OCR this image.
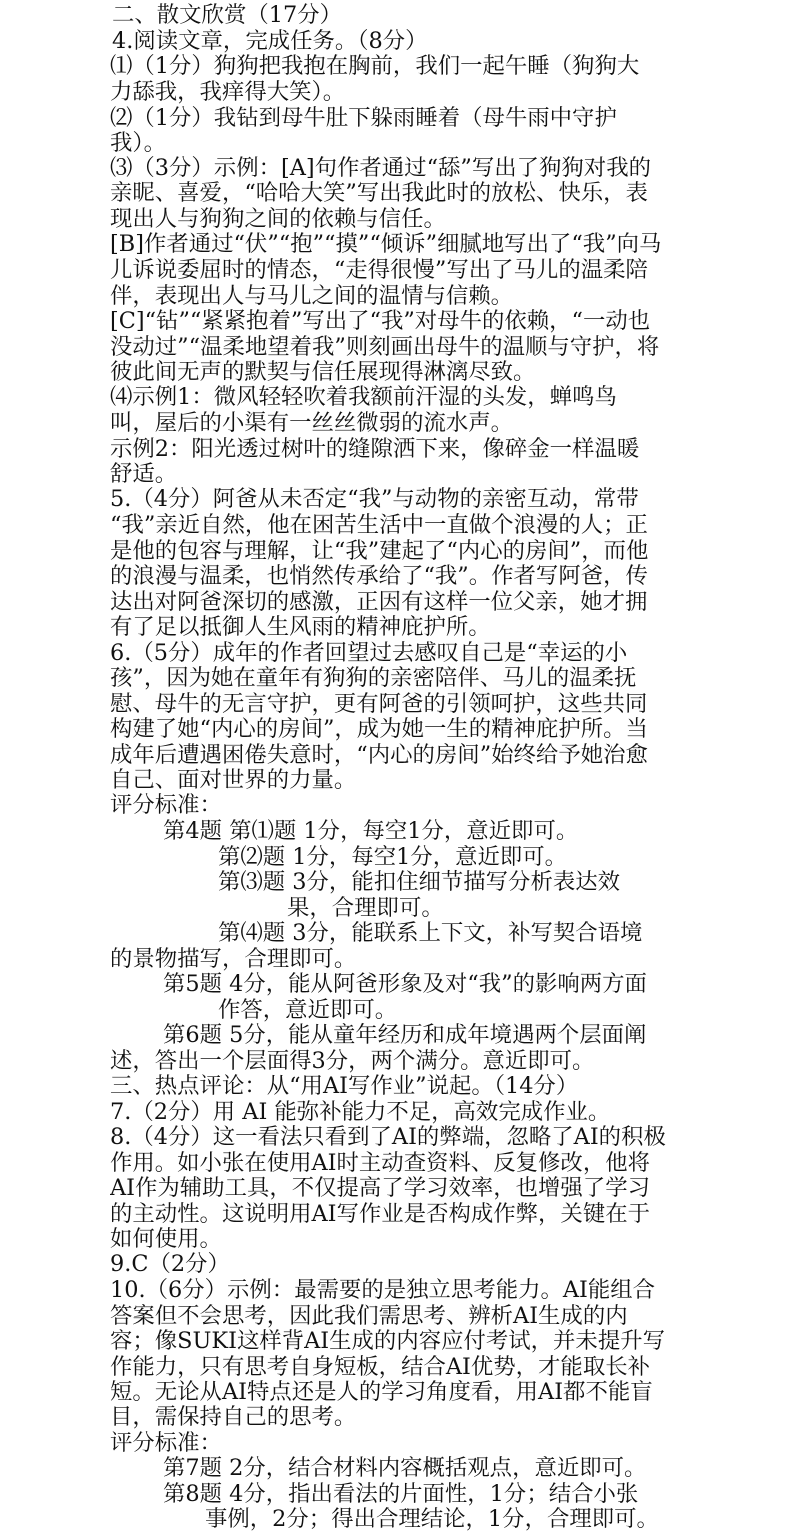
二、散文欣赏（17分）
4.阅读文章，完成任务。（8分）
⑴（1分）狗狗把我抱在胸前，我们一起午睡（狗狗大
力舔我，我痒得大笑）。
⑵（1分）我钻到母牛肚下躲雨睡着（母牛雨中守护
我）。
⑶（3分）示例：[A]句作者通过“舔”写出了狗狗对我的
亲昵、喜爱，“哈哈大笑”写出我此时的放松、快乐，表
现出人与狗狗之间的依赖与信任。
[B]作者通过“伏”“抱”“摸”“倾诉”细腻地写出了“我”向马
儿诉说委屈时的情态，“走得很慢”写出了马儿的温柔陪
伴，表现出人与马儿之间的温情与信赖。
[C]“钻”“紧紧抱着”写出了“我”对母牛的依赖，“一动也
没动过”“温柔地望着我”则刻画出母牛的温顺与守护，将
彼此间无声的默契与信任展现得淋漓尽致。
⑷示例1：微风轻轻吹着我额前汗湿的头发，蝉鸣鸟
叫，屋后的小渠有一丝丝微弱的流水声。
示例2：阳光透过树叶的缝隙洒下来，像碎金一样温暖
舒适。
5.（4分）阿爸从未否定“我”与动物的亲密互动，常带
“我”亲近自然，他在困苦生活中一直做个浪漫的人；正
是他的包容与理解，让“我”建起了“内心的房间”，而他
的浪漫与温柔，也悄然传承给了“我”。作者写阿爸，传
达出对阿爸深切的感激，正因有这样一位父亲，她才拥
有了足以抵御人生风雨的精神庇护所。
6.（5分）成年的作者回望过去感叹自己是“幸运的小
孩”，因为她在童年有狗狗的亲密陪伴、马儿的温柔抚
慰、母牛的无言守护，更有阿爸的引领呵护，这些共同
构建了她“内心的房间”，成为她一生的精神庇护所。当
成年后遭遇困倦失意时，“内心的房间”始终给予她治愈
自己、面对世界的力量。
评分标准：
第4题 第⑴题 1分，每空1分，意近即可。
第⑵题 1分，每空1分，意近即可。
第⑶题 3分，能扣住细节描写分析表达效
果，合理即可。
第⑷题 3分，能联系上下文，补写契合语境
的景物描写，合理即可。
第5题 4分，能从阿爸形象及对“我”的影响两方面
作答，意近即可。
第6题 5分，能从童年经历和成年境遇两个层面阐
述，答出一个层面得3分，两个满分。意近即可。
三、热点评论：从“用AI写作业”说起。（14分）
7.（2分）用 AI 能弥补能力不足，高效完成作业。
8.（4分）这一看法只看到了AI的弊端，忽略了AI的积极
作用。如小张在使用AI时主动查资料、反复修改，他将
AI作为辅助工具，不仅提高了学习效率，也增强了学习
的主动性。这说明用AI写作业是否构成作弊，关键在于
如何使用。
9.C（2分）
10.（6分）示例：最需要的是独立思考能力。AI能组合
答案但不会思考，因此我们需思考、辨析AI生成的内
容；像SUKI这样背AI生成的内容应付考试，并未提升写
作能力，只有思考自身短板，结合AI优势，才能取长补
短。无论从AI特点还是人的学习角度看，用AI都不能盲
目，需保持自己的思考。
评分标准：
第7题 2分，结合材料内容概括观点，意近即可。
第8题 4分，指出看法的片面性，1分；结合小张
事例，2分；得出合理结论，1分，合理即可。
